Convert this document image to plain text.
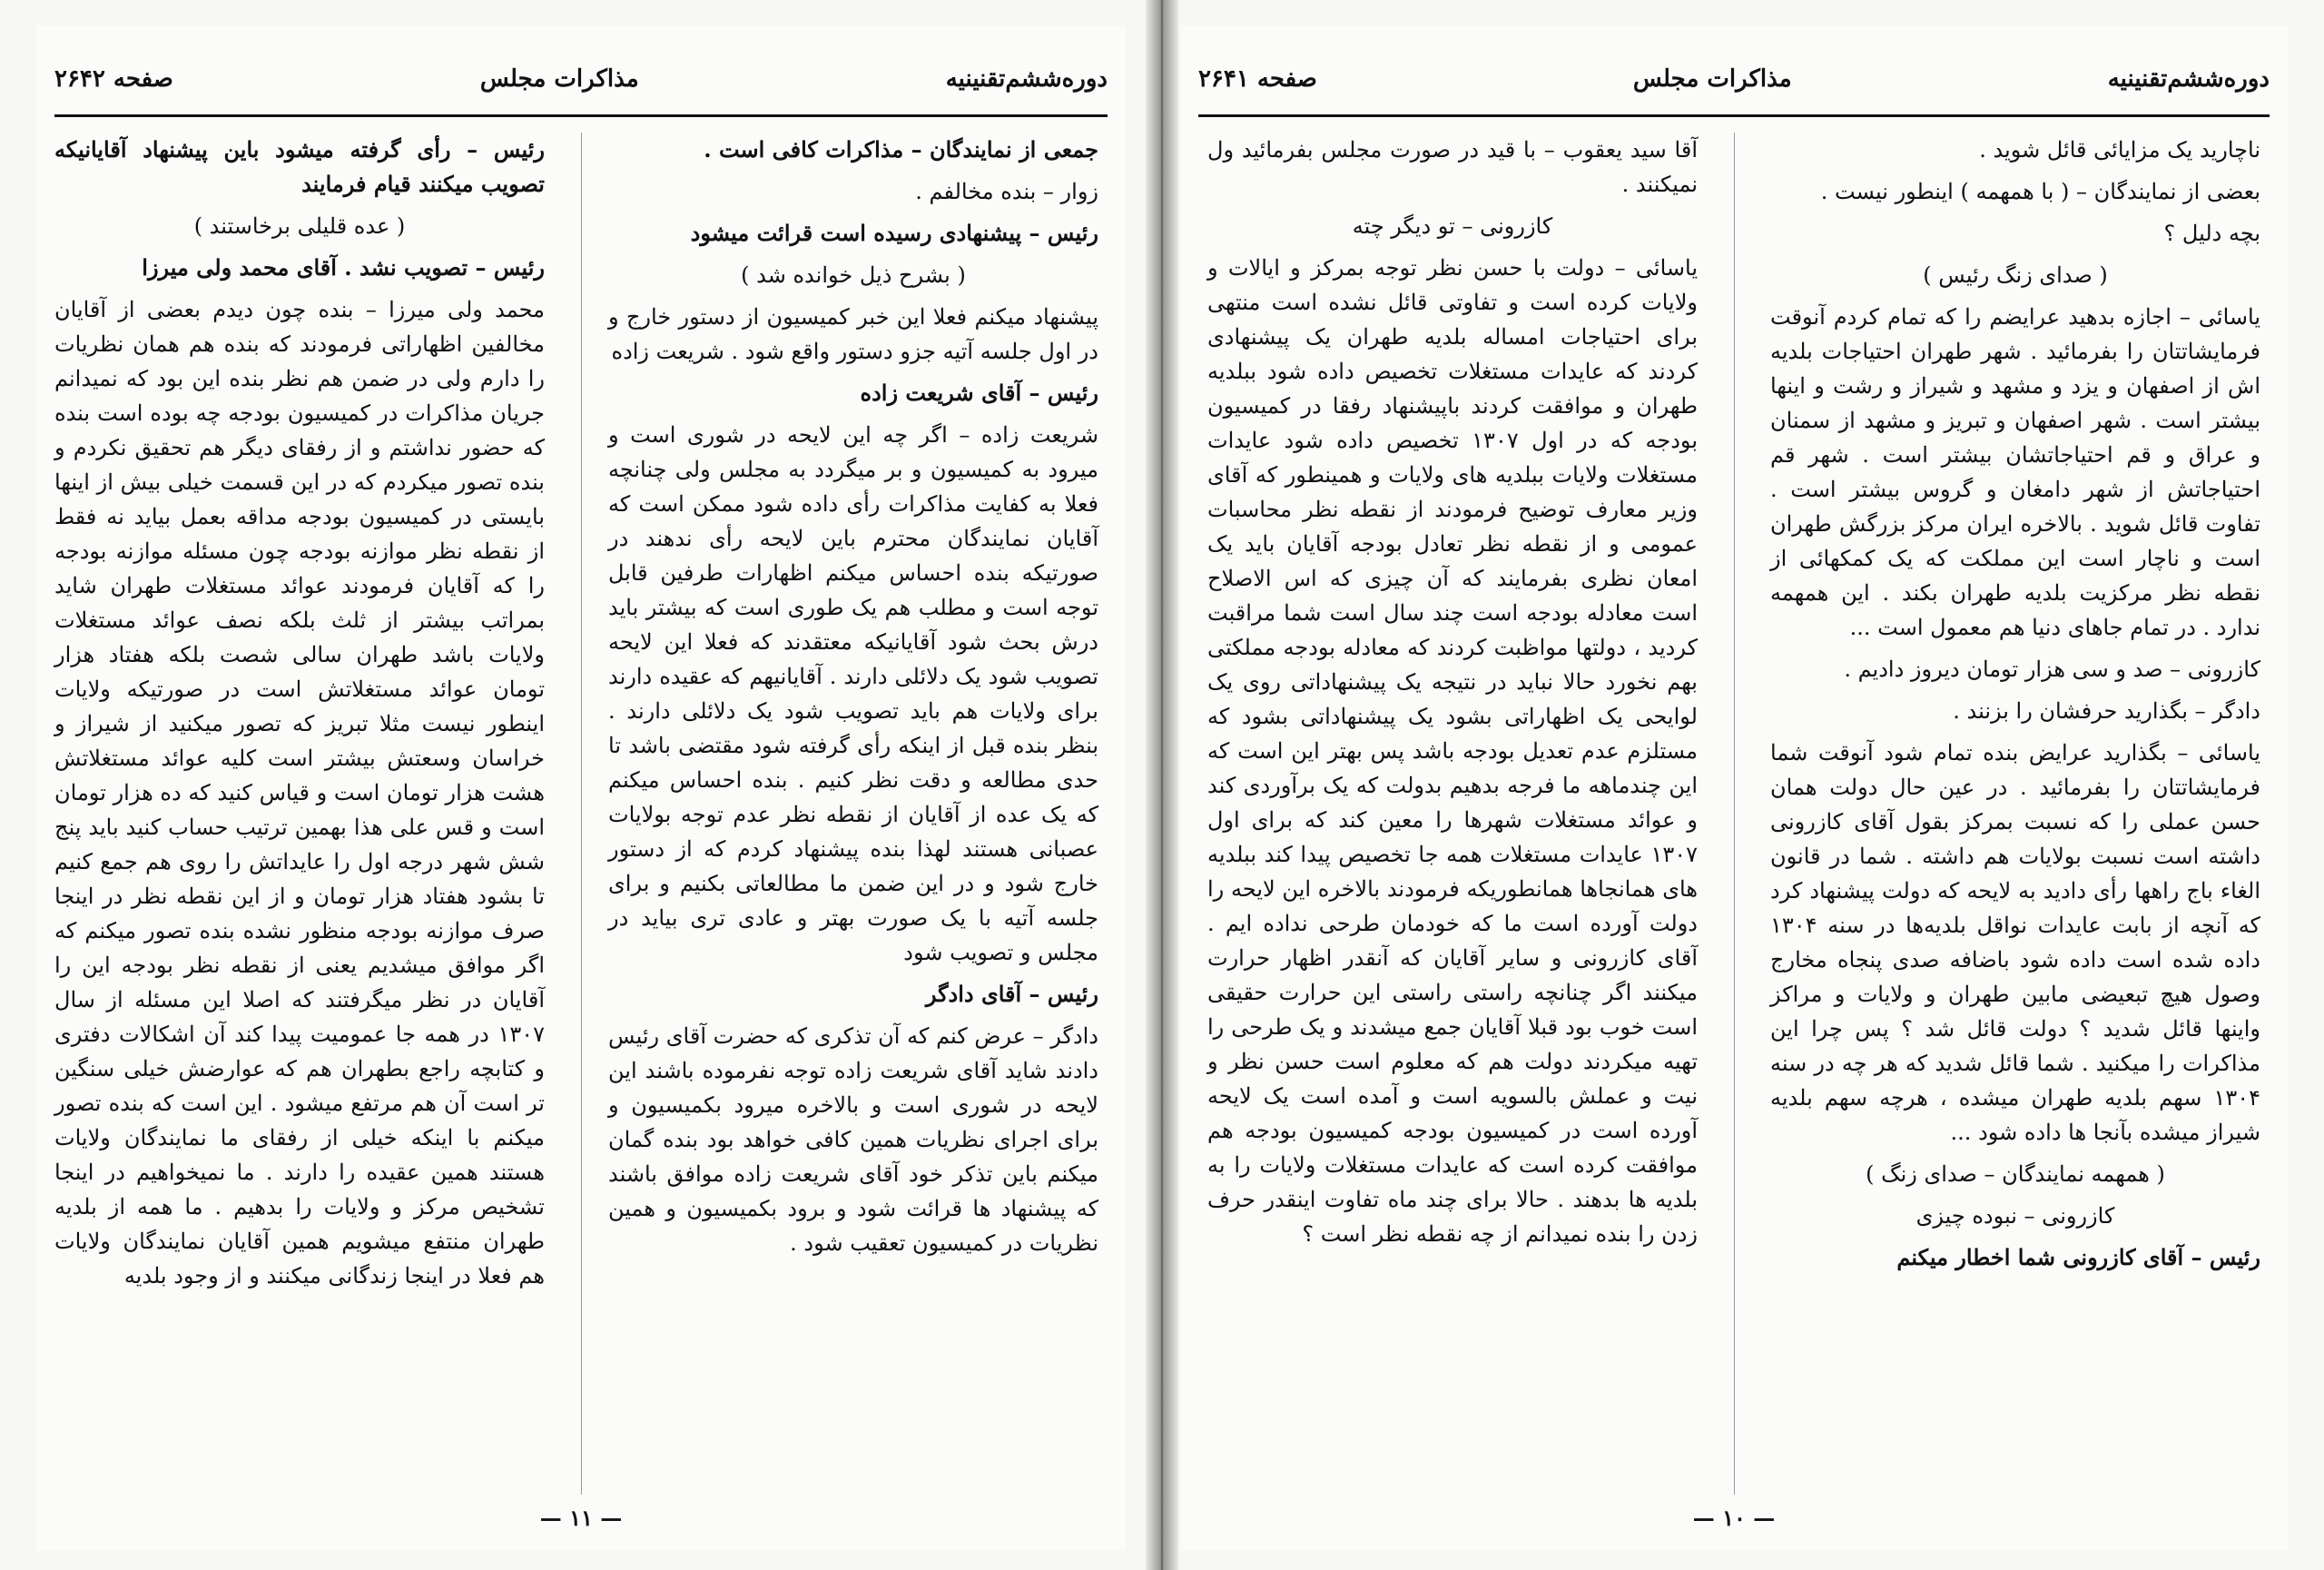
دوره‌ششم‌تقنینیه
مذاکرات مجلس
صفحه ۲۶۴۲

جمعی از نمایندگان – مذاکرات کافی است .

زوار – بنده مخالفم .

رئیس – پیشنهادی رسیده است قرائت میشود

( بشرح ذیل خوانده شد )

پیشنهاد میکنم فعلا این خبر کمیسیون از دستور خارج و در اول جلسه آتیه جزو دستور واقع شود . شریعت زاده

رئیس – آقای شریعت زاده

شریعت زاده – اگر چه این لایحه در شوری است و میرود به کمیسیون و بر میگردد به مجلس ولی چنانچه فعلا به کفایت مذاکرات رأی داده شود ممکن است که آقایان نمایندگان محترم باین لایحه رأی ندهند در صورتیکه بنده احساس میکنم اظهارات طرفین قابل توجه است و مطلب هم یک طوری است که بیشتر باید درش بحث شود آقایانیکه معتقدند که فعلا این لایحه تصویب شود یک دلائلی دارند . آقایانیهم که عقیده دارند برای ولایات هم باید تصویب شود یک دلائلی دارند . بنظر بنده قبل از اینکه رأی گرفته شود مقتضی باشد تا حدی مطالعه و دقت نظر کنیم . بنده احساس میکنم که یک عده از آقایان از نقطه نظر عدم توجه بولایات عصبانی هستند لهذا بنده پیشنهاد کردم که از دستور خارج شود و در این ضمن ما مطالعاتی بکنیم و برای جلسه آتیه با یک صورت بهتر و عادی تری بیاید در مجلس و تصویب شود

رئیس – آقای دادگر

دادگر – عرض کنم که آن تذکری که حضرت آقای رئیس دادند شاید آقای شریعت زاده توجه نفرموده باشند این لایحه در شوری است و بالاخره میرود بکمیسیون و برای اجرای نظریات همین کافی خواهد بود بنده گمان میکنم باین تذکر خود آقای شریعت زاده موافق باشند که پیشنهاد ها قرائت شود و برود بکمیسیون و همین نظریات در کمیسیون تعقیب شود .

رئیس – رأی گرفته میشود باین پیشنهاد آقایانیکه تصویب میکنند قیام فرمایند

( عده قلیلی برخاستند )

رئیس – تصویب نشد . آقای محمد ولی میرزا

محمد ولی میرزا – بنده چون دیدم بعضی از آقایان مخالفین اظهاراتی فرمودند که بنده هم همان نظریات را دارم ولی در ضمن هم نظر بنده این بود که نمیدانم جریان مذاکرات در کمیسیون بودجه چه بوده است بنده که حضور نداشتم و از رفقای دیگر هم تحقیق نکردم و بنده تصور میکردم که در این قسمت خیلی بیش از اینها بایستی در کمیسیون بودجه مداقه بعمل بیاید نه فقط از نقطه نظر موازنه بودجه چون مسئله موازنه بودجه را که آقایان فرمودند عوائد مستغلات طهران شاید بمراتب بیشتر از ثلث بلکه نصف عوائد مستغلات ولایات باشد طهران سالی شصت بلکه هفتاد هزار تومان عوائد مستغلاتش است در صورتیکه ولایات اینطور نیست مثلا تبریز که تصور میکنید از شیراز و خراسان وسعتش بیشتر است کلیه عوائد مستغلاتش هشت هزار تومان است و قیاس کنید که ده هزار تومان است و قس علی هذا بهمین ترتیب حساب کنید باید پنج شش شهر درجه اول را عایداتش را روی هم جمع کنیم تا بشود هفتاد هزار تومان و از این نقطه نظر در اینجا صرف موازنه بودجه منظور نشده بنده تصور میکنم که اگر موافق میشدیم یعنی از نقطه نظر بودجه این را آقایان در نظر میگرفتند که اصلا این مسئله از سال ۱۳۰۷ در همه جا عمومیت پیدا کند آن اشکالات دفتری و کتابچه راجع بطهران هم که عوارضش خیلی سنگین تر است آن هم مرتفع میشود . این است که بنده تصور میکنم با اینکه خیلی از رفقای ما نمایندگان ولایات هستند همین عقیده را دارند . ما نمیخواهیم در اینجا تشخیص مرکز و ولایات را بدهیم . ما همه از بلدیه طهران منتفع میشویم همین آقایان نمایندگان ولایات هم فعلا در اینجا زندگانی میکنند و از وجود بلدیه

— ۱۱ —
دوره‌ششم‌تقنینیه
مذاکرات مجلس
صفحه ۲۶۴۱

ناچارید یک مزایائی قائل شوید .

بعضی از نمایندگان – ( با همهمه ) اینطور نیست .

بچه دلیل ؟

( صدای زنگ رئیس )

یاسائی – اجازه بدهید عرایضم را که تمام کردم آنوقت فرمایشاتتان را بفرمائید . شهر طهران احتیاجات بلدیه اش از اصفهان و یزد و مشهد و شیراز و رشت و اینها بیشتر است . شهر اصفهان و تبریز و مشهد از سمنان و عراق و قم احتیاجاتشان بیشتر است . شهر قم احتیاجاتش از شهر دامغان و گروس بیشتر است . تفاوت قائل شوید . بالاخره ایران مرکز بزرگش طهران است و ناچار است این مملکت که یک کمکهائی از نقطه نظر مرکزیت بلدیه طهران بکند . این همهمه ندارد . در تمام جاهای دنیا هم معمول است ...

کازرونی – صد و سی هزار تومان دیروز دادیم .

دادگر – بگذارید حرفشان را بزنند .

یاسائی – بگذارید عرایض بنده تمام شود آنوقت شما فرمایشاتتان را بفرمائید . در عین حال دولت همان حسن عملی را که نسبت بمرکز بقول آقای کازرونی داشته است نسبت بولایات هم داشته . شما در قانون الغاء باج راهها رأی دادید به لایحه که دولت پیشنهاد کرد که آنچه از بابت عایدات نواقل بلدیه‌ها در سنه ۱۳۰۴ داده شده است داده شود باضافه صدی پنجاه مخارج وصول هیچ تبعیضی مابین طهران و ولایات و مراکز واینها قائل شدید ؟ دولت قائل شد ؟ پس چرا این مذاکرات را میکنید . شما قائل شدید که هر چه در سنه ۱۳۰۴ سهم بلدیه طهران میشده ، هرچه سهم بلدیه شیراز میشده بآنجا ها داده شود ...

( همهمه نمایندگان – صدای زنگ )

کازرونی – نبوده چیزی

رئیس – آقای کازرونی شما اخطار میکنم

آقا سید یعقوب – با قید در صورت مجلس بفرمائید ول نمیکنند .

کازرونی – تو دیگر چته

یاسائی – دولت با حسن نظر توجه بمرکز و ایالات و ولایات کرده است و تفاوتی قائل نشده است منتهی برای احتیاجات امساله بلدیه طهران یک پیشنهادی کردند که عایدات مستغلات تخصیص داده شود ببلدیه طهران و موافقت کردند باپیشنهاد رفقا در کمیسیون بودجه که در اول ۱۳۰۷ تخصیص داده شود عایدات مستغلات ولایات ببلدیه های ولایات و همینطور که آقای وزیر معارف توضیح فرمودند از نقطه نظر محاسبات عمومی و از نقطه نظر تعادل بودجه آقایان باید یک امعان نظری بفرمایند که آن چیزی که اس الاصلاح است معادله بودجه است چند سال است شما مراقبت کردید ، دولتها مواظبت کردند که معادله بودجه مملکتی بهم نخورد حالا نباید در نتیجه یک پیشنهاداتی روی یک لوایحی یک اظهاراتی بشود یک پیشنهاداتی بشود که مستلزم عدم تعدیل بودجه باشد پس بهتر این است که این چندماهه ما فرجه بدهیم بدولت که یک برآوردی کند و عوائد مستغلات شهرها را معین کند که برای اول ۱۳۰۷ عایدات مستغلات همه جا تخصیص پیدا کند ببلدیه های همانجاها همانطوریکه فرمودند بالاخره این لایحه را دولت آورده است ما که خودمان طرحی نداده ایم . آقای کازرونی و سایر آقایان که آنقدر اظهار حرارت میکنند اگر چنانچه راستی راستی این حرارت حقیقی است خوب بود قبلا آقایان جمع میشدند و یک طرحی را تهیه میکردند دولت هم که معلوم است حسن نظر و نیت و عملش بالسویه است و آمده است یک لایحه آورده است در کمیسیون بودجه کمیسیون بودجه هم موافقت کرده است که عایدات مستغلات ولایات را به بلدیه ها بدهند . حالا برای چند ماه تفاوت اینقدر حرف زدن را بنده نمیدانم از چه نقطه نظر است ؟

— ۱۰ —
